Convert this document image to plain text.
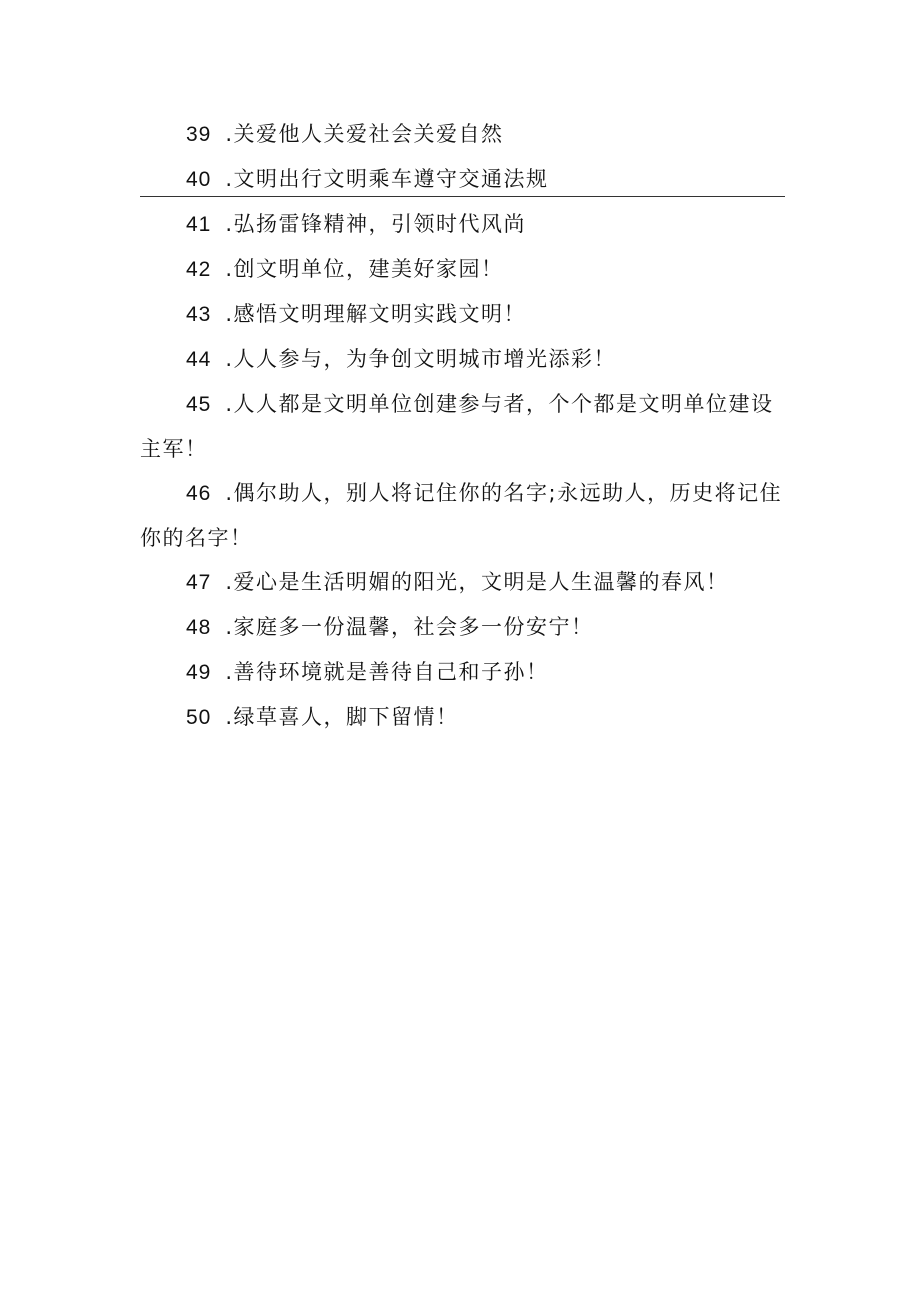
39 .关爱他人关爱社会关爱自然

40 .文明出行文明乘车遵守交通法规

41 .弘扬雷锋精神，引领时代风尚

42 .创文明单位，建美好家园！

43 .感悟文明理解文明实践文明！

44 .人人参与，为争创文明城市增光添彩！

45 .人人都是文明单位创建参与者，个个都是文明单位建设主军！

46 .偶尔助人，别人将记住你的名字;永远助人，历史将记住你的名字！

47 .爱心是生活明媚的阳光，文明是人生温馨的春风！

48 .家庭多一份温馨，社会多一份安宁！

49 .善待环境就是善待自己和子孙！

50 .绿草喜人，脚下留情！
